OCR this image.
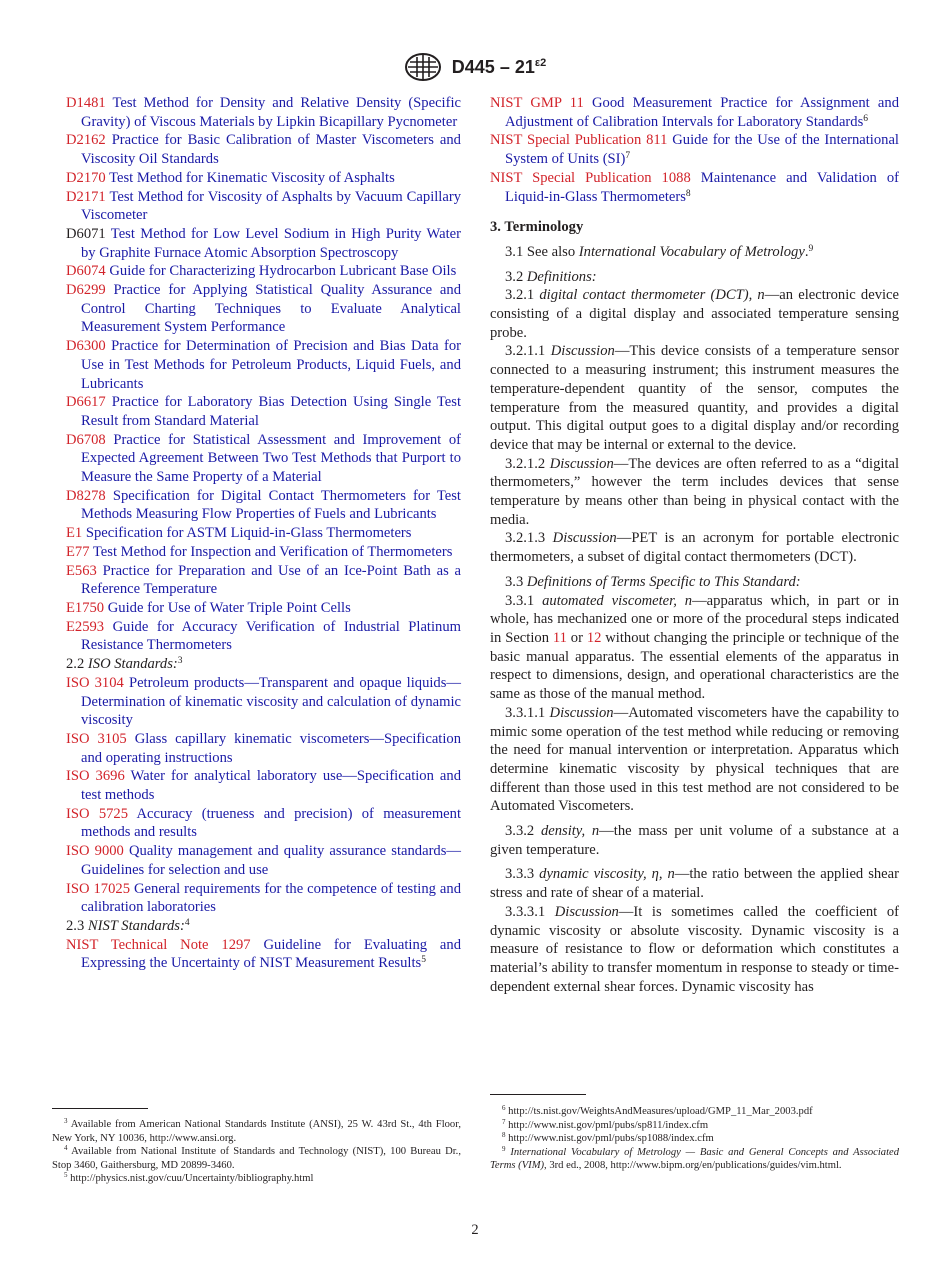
$D445 - 21^{\varepsilon 2}$

D1481 Test Method for Density and Relative Density (Specific Gravity) of Viscous Materials by Lipkin Bicapillary Pycnometer

D2162 Practice for Basic Calibration of Master Viscometers and Viscosity Oil Standards

D2170 Test Method for Kinematic Viscosity of Asphalts

D2171 Test Method for Viscosity of Asphalts by Vacuum Capillary Viscometer

D6071 Test Method for Low Level Sodium in High Purity Water by Graphite Furnace Atomic Absorption Spectroscopy

D6074 Guide for Characterizing Hydrocarbon Lubricant Base Oils

D6299 Practice for Applying Statistical Quality Assurance and Control Charting Techniques to Evaluate Analytical Measurement System Performance

D6300 Practice for Determination of Precision and Bias Data for Use in Test Methods for Petroleum Products, Liquid Fuels, and Lubricants

D6617 Practice for Laboratory Bias Detection Using Single Test Result from Standard Material

D6708 Practice for Statistical Assessment and Improvement of Expected Agreement Between Two Test Methods that Purport to Measure the Same Property of a Material

D8278 Specification for Digital Contact Thermometers for Test Methods Measuring Flow Properties of Fuels and Lubricants

E1 Specification for ASTM Liquid-in-Glass Thermometers

E77 Test Method for Inspection and Verification of Thermometers

E563 Practice for Preparation and Use of an Ice-Point Bath as a Reference Temperature

E1750 Guide for Use of Water Triple Point Cells

E2593 Guide for Accuracy Verification of Industrial Platinum Resistance Thermometers

2.2 ISO Standards:$^3$

ISO 3104 Petroleum products—Transparent and opaque liquids—Determination of kinematic viscosity and calculation of dynamic viscosity

ISO 3105 Glass capillary kinematic viscometers—Specification and operating instructions

ISO 3696 Water for analytical laboratory use—Specification and test methods

ISO 5725 Accuracy (trueness and precision) of measurement methods and results

ISO 9000 Quality management and quality assurance standards—Guidelines for selection and use

ISO 17025 General requirements for the competence of testing and calibration laboratories

2.3 NIST Standards:$^4$

NIST Technical Note 1297 Guideline for Evaluating and Expressing the Uncertainty of NIST Measurement Results$^5$

NIST GMP 11 Good Measurement Practice for Assignment and Adjustment of Calibration Intervals for Laboratory Standards$^6$

NIST Special Publication 811 Guide for the Use of the International System of Units (SI)$^7$

NIST Special Publication 1088 Maintenance and Validation of Liquid-in-Glass Thermometers$^8$

3. Terminology

3.1 See also International Vocabulary of Metrology.$^9$

3.2 Definitions:

3.2.1 digital contact thermometer (DCT), n—an electronic device consisting of a digital display and associated temperature sensing probe.

3.2.1.1 Discussion—This device consists of a temperature sensor connected to a measuring instrument; this instrument measures the temperature-dependent quantity of the sensor, computes the temperature from the measured quantity, and provides a digital output. This digital output goes to a digital display and/or recording device that may be internal or external to the device.

3.2.1.2 Discussion—The devices are often referred to as a “digital thermometers,” however the term includes devices that sense temperature by means other than being in physical contact with the media.

3.2.1.3 Discussion—PET is an acronym for portable electronic thermometers, a subset of digital contact thermometers (DCT).

3.3 Definitions of Terms Specific to This Standard:

3.3.1 automated viscometer, n—apparatus which, in part or in whole, has mechanized one or more of the procedural steps indicated in Section 11 or 12 without changing the principle or technique of the basic manual apparatus. The essential elements of the apparatus in respect to dimensions, design, and operational characteristics are the same as those of the manual method.

3.3.1.1 Discussion—Automated viscometers have the capability to mimic some operation of the test method while reducing or removing the need for manual intervention or interpretation. Apparatus which determine kinematic viscosity by physical techniques that are different than those used in this test method are not considered to be Automated Viscometers.

3.3.2 density, n—the mass per unit volume of a substance at a given temperature.

3.3.3 dynamic viscosity, η, n—the ratio between the applied shear stress and rate of shear of a material.

3.3.3.1 Discussion—It is sometimes called the coefficient of dynamic viscosity or absolute viscosity. Dynamic viscosity is a measure of resistance to flow or deformation which constitutes a material’s ability to transfer momentum in response to steady or time-dependent external shear forces. Dynamic viscosity has

$^3$ Available from American National Standards Institute (ANSI), 25 W. 43rd St., 4th Floor, New York, NY 10036, http://www.ansi.org.

$^4$ Available from National Institute of Standards and Technology (NIST), 100 Bureau Dr., Stop 3460, Gaithersburg, MD 20899-3460.

$^5$ http://physics.nist.gov/cuu/Uncertainty/bibliography.html

$^6$ http://ts.nist.gov/WeightsAndMeasures/upload/GMP_11_Mar_2003.pdf

$^7$ http://www.nist.gov/pml/pubs/sp811/index.cfm

$^8$ http://www.nist.gov/pml/pubs/sp1088/index.cfm

$^9$ International Vocabulary of Metrology — Basic and General Concepts and Associated Terms (VIM), 3rd ed., 2008, http://www.bipm.org/en/publications/guides/vim.html.

2
